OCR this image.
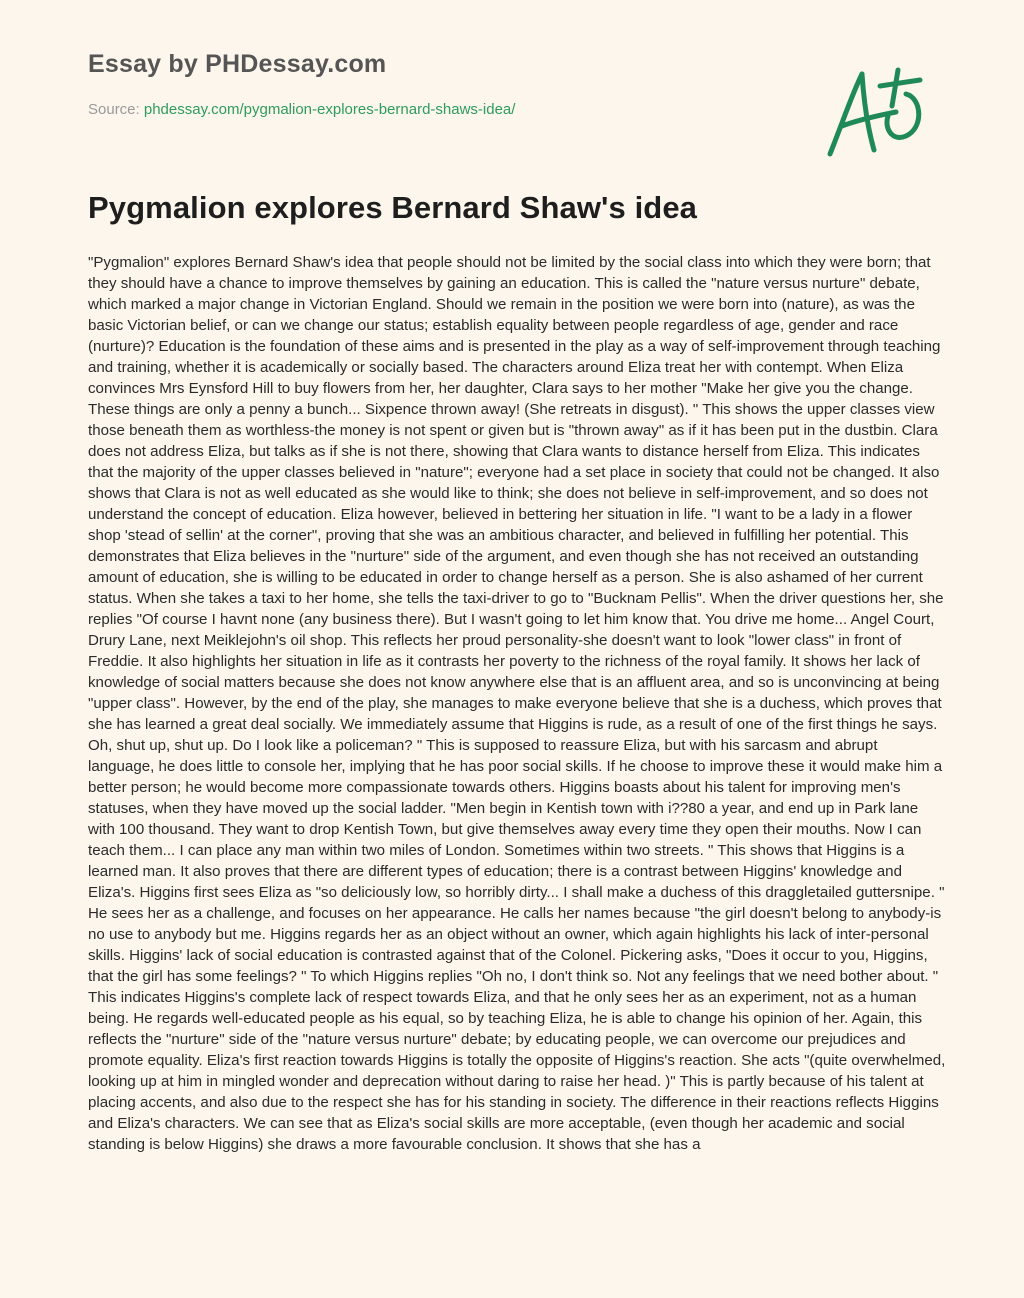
Essay by PHDessay.com

Source: phdessay.com/pygmalion-explores-bernard-shaws-idea/

Pygmalion explores Bernard Shaw's idea

"Pygmalion" explores Bernard Shaw's idea that people should not be limited by the social class into which they were born; that they should have a chance to improve themselves by gaining an education. This is called the "nature versus nurture" debate, which marked a major change in Victorian England. Should we remain in the position we were born into (nature), as was the basic Victorian belief, or can we change our status; establish equality between people regardless of age, gender and race (nurture)? Education is the foundation of these aims and is presented in the play as a way of self-improvement through teaching and training, whether it is academically or socially based. The characters around Eliza treat her with contempt. When Eliza convinces Mrs Eynsford Hill to buy flowers from her, her daughter, Clara says to her mother "Make her give you the change. These things are only a penny a bunch... Sixpence thrown away! (She retreats in disgust). " This shows the upper classes view those beneath them as worthless-the money is not spent or given but is "thrown away" as if it has been put in the dustbin. Clara does not address Eliza, but talks as if she is not there, showing that Clara wants to distance herself from Eliza. This indicates that the majority of the upper classes believed in "nature"; everyone had a set place in society that could not be changed. It also shows that Clara is not as well educated as she would like to think; she does not believe in self-improvement, and so does not understand the concept of education. Eliza however, believed in bettering her situation in life. "I want to be a lady in a flower shop 'stead of sellin' at the corner", proving that she was an ambitious character, and believed in fulfilling her potential. This demonstrates that Eliza believes in the "nurture" side of the argument, and even though she has not received an outstanding amount of education, she is willing to be educated in order to change herself as a person. She is also ashamed of her current status. When she takes a taxi to her home, she tells the taxi-driver to go to "Bucknam Pellis". When the driver questions her, she replies "Of course I havnt none (any business there). But I wasn't going to let him know that. You drive me home... Angel Court, Drury Lane, next Meiklejohn's oil shop. This reflects her proud personality-she doesn't want to look "lower class" in front of Freddie. It also highlights her situation in life as it contrasts her poverty to the richness of the royal family. It shows her lack of knowledge of social matters because she does not know anywhere else that is an affluent area, and so is unconvincing at being "upper class". However, by the end of the play, she manages to make everyone believe that she is a duchess, which proves that she has learned a great deal socially. We immediately assume that Higgins is rude, as a result of one of the first things he says. Oh, shut up, shut up. Do I look like a policeman? " This is supposed to reassure Eliza, but with his sarcasm and abrupt language, he does little to console her, implying that he has poor social skills. If he choose to improve these it would make him a better person; he would become more compassionate towards others. Higgins boasts about his talent for improving men's statuses, when they have moved up the social ladder. "Men begin in Kentish town with i??80 a year, and end up in Park lane with 100 thousand. They want to drop Kentish Town, but give themselves away every time they open their mouths. Now I can teach them... I can place any man within two miles of London. Sometimes within two streets. " This shows that Higgins is a learned man. It also proves that there are different types of education; there is a contrast between Higgins' knowledge and Eliza's. Higgins first sees Eliza as "so deliciously low, so horribly dirty... I shall make a duchess of this draggletailed guttersnipe. " He sees her as a challenge, and focuses on her appearance. He calls her names because "the girl doesn't belong to anybody-is no use to anybody but me. Higgins regards her as an object without an owner, which again highlights his lack of inter-personal skills. Higgins' lack of social education is contrasted against that of the Colonel. Pickering asks, "Does it occur to you, Higgins, that the girl has some feelings? " To which Higgins replies "Oh no, I don't think so. Not any feelings that we need bother about. " This indicates Higgins's complete lack of respect towards Eliza, and that he only sees her as an experiment, not as a human being. He regards well-educated people as his equal, so by teaching Eliza, he is able to change his opinion of her. Again, this reflects the "nurture" side of the "nature versus nurture" debate; by educating people, we can overcome our prejudices and promote equality. Eliza's first reaction towards Higgins is totally the opposite of Higgins's reaction. She acts "(quite overwhelmed, looking up at him in mingled wonder and deprecation without daring to raise her head. )" This is partly because of his talent at placing accents, and also due to the respect she has for his standing in society. The difference in their reactions reflects Higgins and Eliza's characters. We can see that as Eliza's social skills are more acceptable, (even though her academic and social standing is below Higgins) she draws a more favourable conclusion. It shows that she has a
